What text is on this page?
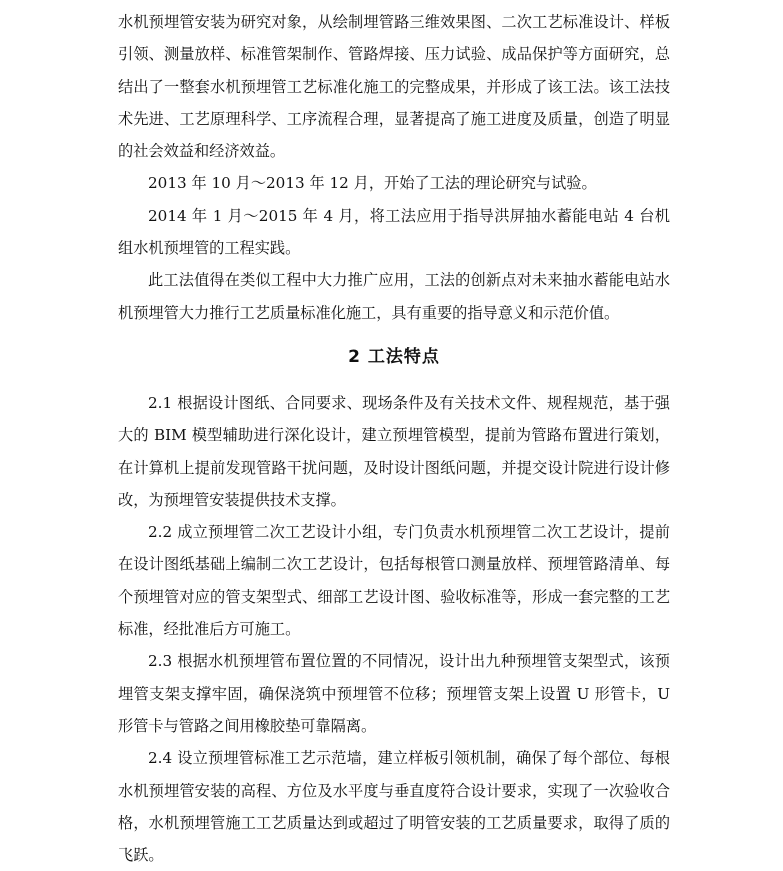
水机预埋管安装为研究对象，从绘制埋管路三维效果图、二次工艺标准设计、样板引领、测量放样、标准管架制作、管路焊接、压力试验、成品保护等方面研究，总结出了一整套水机预埋管工艺标准化施工的完整成果，并形成了该工法。该工法技术先进、工艺原理科学、工序流程合理，显著提高了施工进度及质量，创造了明显的社会效益和经济效益。

2013 年 10 月～2013 年 12 月，开始了工法的理论研究与试验。

2014 年 1 月～2015 年 4 月，将工法应用于指导洪屏抽水蓄能电站 4 台机组水机预埋管的工程实践。

此工法值得在类似工程中大力推广应用，工法的创新点对未来抽水蓄能电站水机预埋管大力推行工艺质量标准化施工，具有重要的指导意义和示范价值。

2 工法特点

2.1 根据设计图纸、合同要求、现场条件及有关技术文件、规程规范，基于强大的 BIM 模型辅助进行深化设计，建立预埋管模型，提前为管路布置进行策划，在计算机上提前发现管路干扰问题，及时设计图纸问题，并提交设计院进行设计修改，为预埋管安装提供技术支撑。

2.2 成立预埋管二次工艺设计小组，专门负责水机预埋管二次工艺设计，提前在设计图纸基础上编制二次工艺设计，包括每根管口测量放样、预埋管路清单、每个预埋管对应的管支架型式、细部工艺设计图、验收标准等，形成一套完整的工艺标准，经批准后方可施工。

2.3 根据水机预埋管布置位置的不同情况，设计出九种预埋管支架型式，该预埋管支架支撑牢固，确保浇筑中预埋管不位移；预埋管支架上设置 U 形管卡，U 形管卡与管路之间用橡胶垫可靠隔离。

2.4 设立预埋管标准工艺示范墙，建立样板引领机制，确保了每个部位、每根水机预埋管安装的高程、方位及水平度与垂直度符合设计要求，实现了一次验收合格，水机预埋管施工工艺质量达到或超过了明管安装的工艺质量要求，取得了质的飞跃。
